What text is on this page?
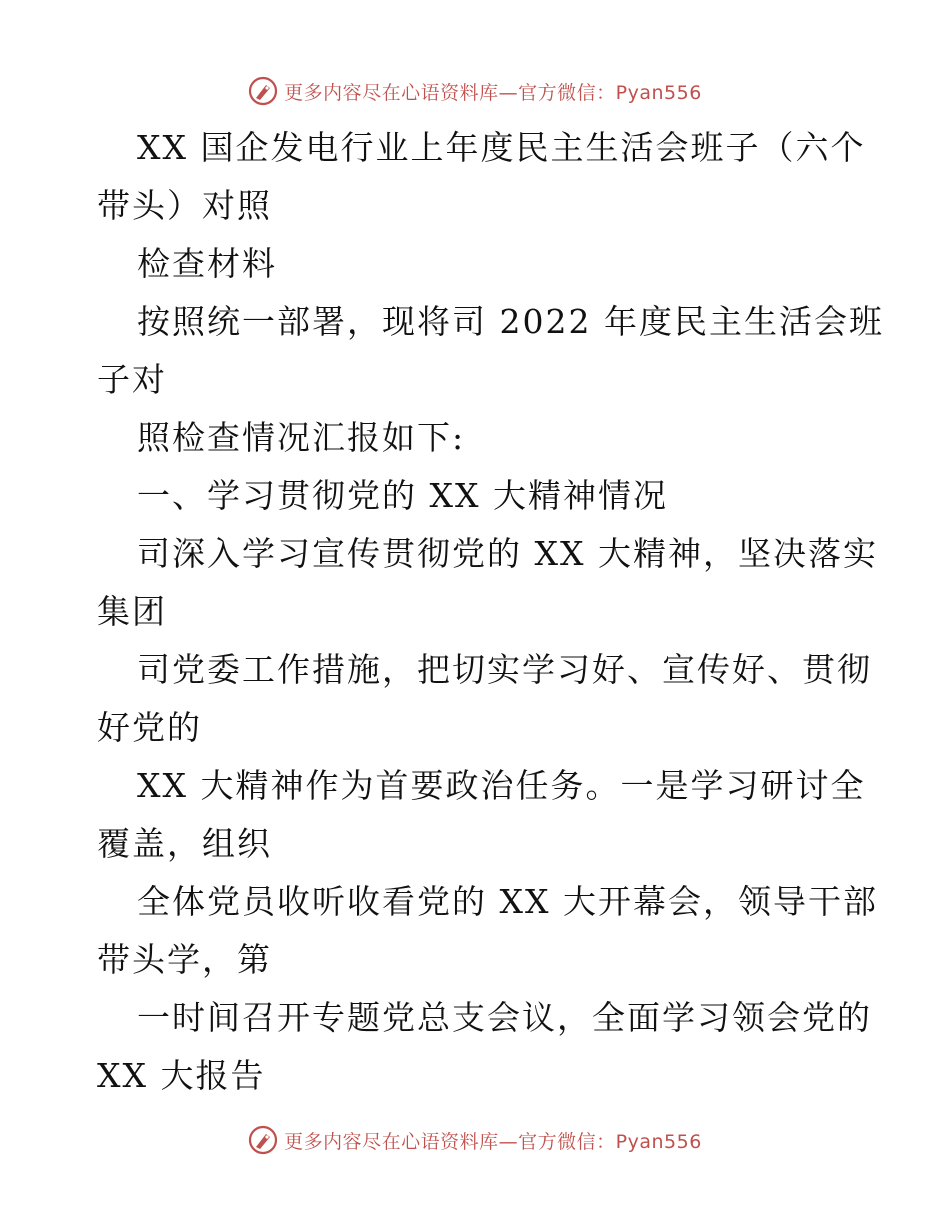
更多内容尽在心语资料库—官方微信：Pyan556
XX 国企发电行业上年度民主生活会班子（六个
带头）对照
检查材料
按照统一部署，现将司 2022 年度民主生活会班
子对
照检查情况汇报如下:
一、学习贯彻党的 XX 大精神情况
司深入学习宣传贯彻党的 XX 大精神，坚决落实
集团
司党委工作措施，把切实学习好、宣传好、贯彻
好党的
XX 大精神作为首要政治任务。一是学习研讨全
覆盖，组织
全体党员收听收看党的 XX 大开幕会，领导干部
带头学，第
一时间召开专题党总支会议，全面学习领会党的
XX 大报告
更多内容尽在心语资料库—官方微信：Pyan556
